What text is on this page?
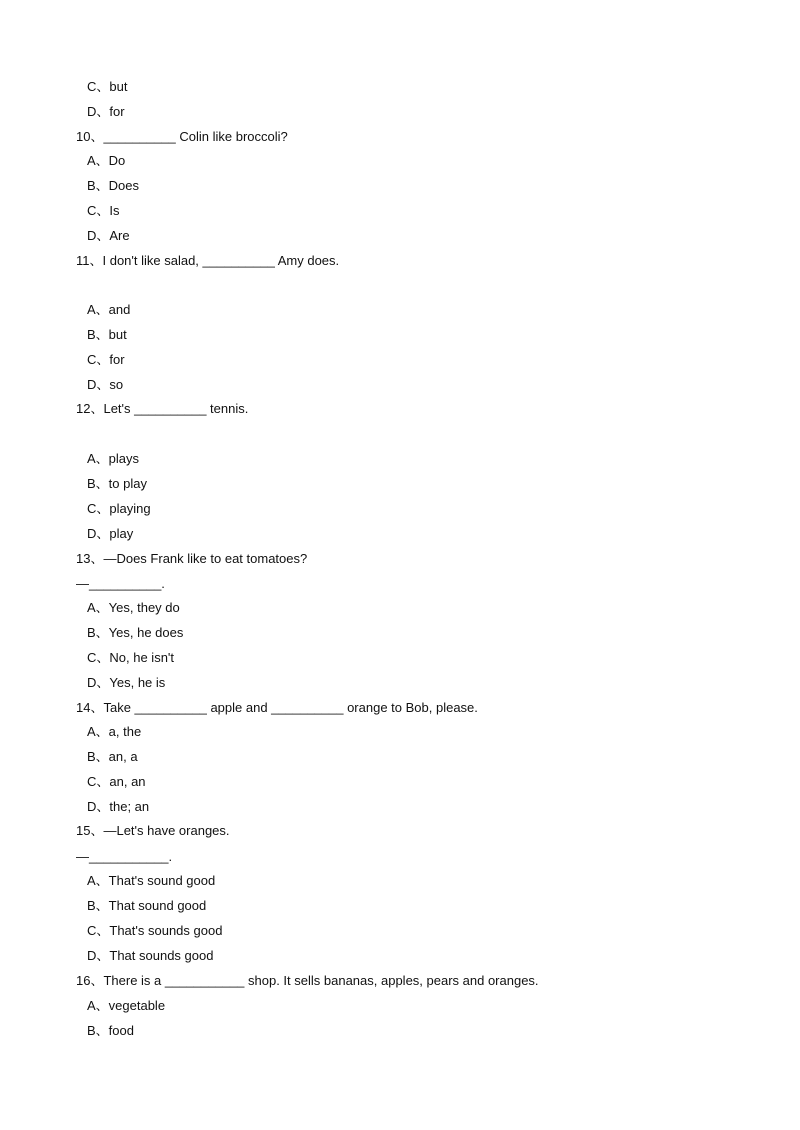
C、but
D、for
10、__________ Colin like broccoli?
A、Do
B、Does
C、Is
D、Are
11、I don't like salad, __________ Amy does.
A、and
B、but
C、for
D、so
12、Let's __________ tennis.
A、plays
B、to play
C、playing
D、play
13、—Does Frank like to eat tomatoes?
—__________.
A、Yes, they do
B、Yes, he does
C、No, he isn't
D、Yes, he is
14、Take __________ apple and __________ orange to Bob, please.
A、a, the
B、an, a
C、an, an
D、the; an
15、—Let's have oranges.
—___________.
A、That's sound good
B、That sound good
C、That's sounds good
D、That sounds good
16、There is a ___________ shop. It sells bananas, apples, pears and oranges.
A、vegetable
B、food
